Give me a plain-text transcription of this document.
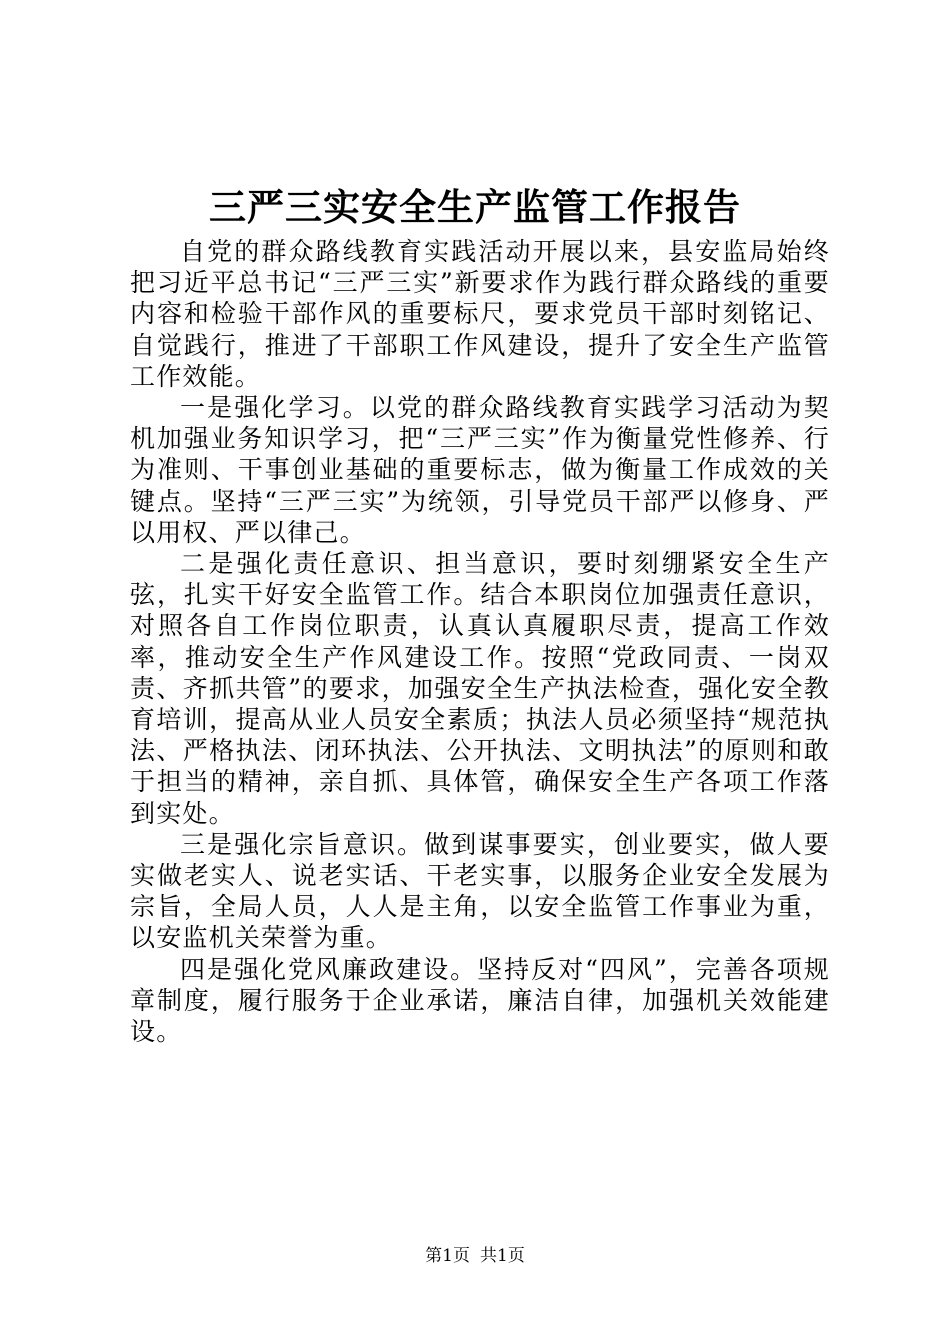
三严三实安全生产监管工作报告

自党的群众路线教育实践活动开展以来，县安监局始终把习近平总书记“三严三实”新要求作为践行群众路线的重要内容和检验干部作风的重要标尺，要求党员干部时刻铭记、自觉践行，推进了干部职工作风建设，提升了安全生产监管工作效能。

一是强化学习。以党的群众路线教育实践学习活动为契机加强业务知识学习，把“三严三实”作为衡量党性修养、行为准则、干事创业基础的重要标志，做为衡量工作成效的关键点。坚持“三严三实”为统领，引导党员干部严以修身、严以用权、严以律己。

二是强化责任意识、担当意识，要时刻绷紧安全生产弦，扎实干好安全监管工作。结合本职岗位加强责任意识，对照各自工作岗位职责，认真认真履职尽责，提高工作效率，推动安全生产作风建设工作。按照“党政同责、一岗双责、齐抓共管”的要求，加强安全生产执法检查，强化安全教育培训，提高从业人员安全素质；执法人员必须坚持“规范执法、严格执法、闭环执法、公开执法、文明执法”的原则和敢于担当的精神，亲自抓、具体管，确保安全生产各项工作落到实处。

三是强化宗旨意识。做到谋事要实，创业要实，做人要实做老实人、说老实话、干老实事，以服务企业安全发展为宗旨，全局人员，人人是主角，以安全监管工作事业为重，以安监机关荣誉为重。

四是强化党风廉政建设。坚持反对“四风”，完善各项规章制度，履行服务于企业承诺，廉洁自律，加强机关效能建设。

第1页 共1页
